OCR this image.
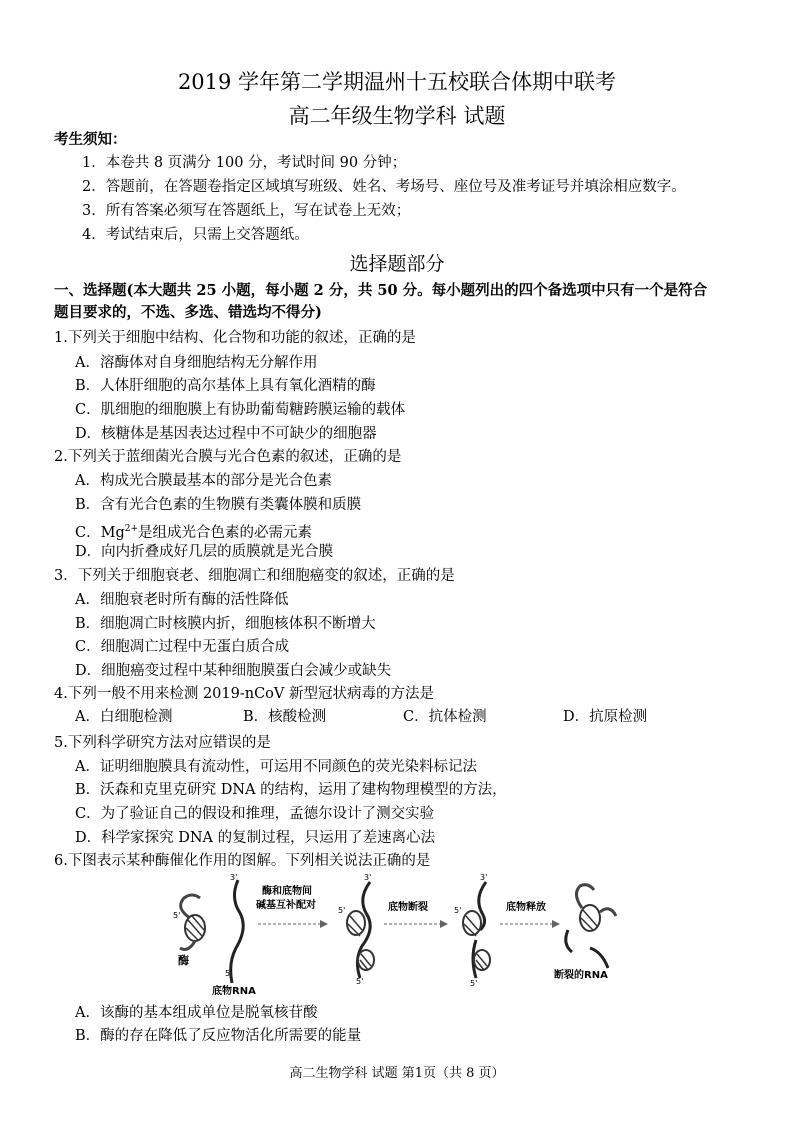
2019 学年第二学期温州十五校联合体期中联考
高二年级生物学科 试题
考生须知：
1．本卷共 8 页满分 100 分，考试时间 90 分钟；
2．答题前，在答题卷指定区域填写班级、姓名、考场号、座位号及准考证号并填涂相应数字。
3．所有答案必须写在答题纸上，写在试卷上无效；
4．考试结束后，只需上交答题纸。
选择题部分
一、选择题(本大题共 25 小题，每小题 2 分，共 50 分。每小题列出的四个备选项中只有一个是符合
题目要求的，不选、多选、错选均不得分)
1.下列关于细胞中结构、化合物和功能的叙述，正确的是
A．溶酶体对自身细胞结构无分解作用
B．人体肝细胞的高尔基体上具有氧化酒精的酶
C．肌细胞的细胞膜上有协助葡萄糖跨膜运输的载体
D．核糖体是基因表达过程中不可缺少的细胞器
2.下列关于蓝细菌光合膜与光合色素的叙述，正确的是
A．构成光合膜最基本的部分是光合色素
B．含有光合色素的生物膜有类囊体膜和质膜
C．$Mg^{2+}$是组成光合色素的必需元素
D．向内折叠成好几层的质膜就是光合膜
3．下列关于细胞衰老、细胞凋亡和细胞癌变的叙述，正确的是
A．细胞衰老时所有酶的活性降低
B．细胞凋亡时核膜内折，细胞核体积不断增大
C．细胞凋亡过程中无蛋白质合成
D．细胞癌变过程中某种细胞膜蛋白会减少或缺失
4.下列一般不用来检测 2019-nCoV 新型冠状病毒的方法是
A．白细胞检测	B．核酸检测	C．抗体检测	D．抗原检测
5.下列科学研究方法对应错误的是
A．证明细胞膜具有流动性，可运用不同颜色的荧光染料标记法
B．沃森和克里克研究 DNA 的结构，运用了建构物理模型的方法，
C．为了验证自己的假设和推理，孟德尔设计了测交实验
D．科学家探究 DNA 的复制过程，只运用了差速离心法
6.下图表示某种酶催化作用的图解。下列相关说法正确的是
3'
5'
5'
酶
底物RNA
酶和底物间
碱基互补配对
3'
5'
5'
底物断裂
3'
5'
5'
底物释放
断裂的RNA
A．该酶的基本组成单位是脱氧核苷酸
B．酶的存在降低了反应物活化所需要的能量
高二生物学科 试题 第1页（共 8 页）
